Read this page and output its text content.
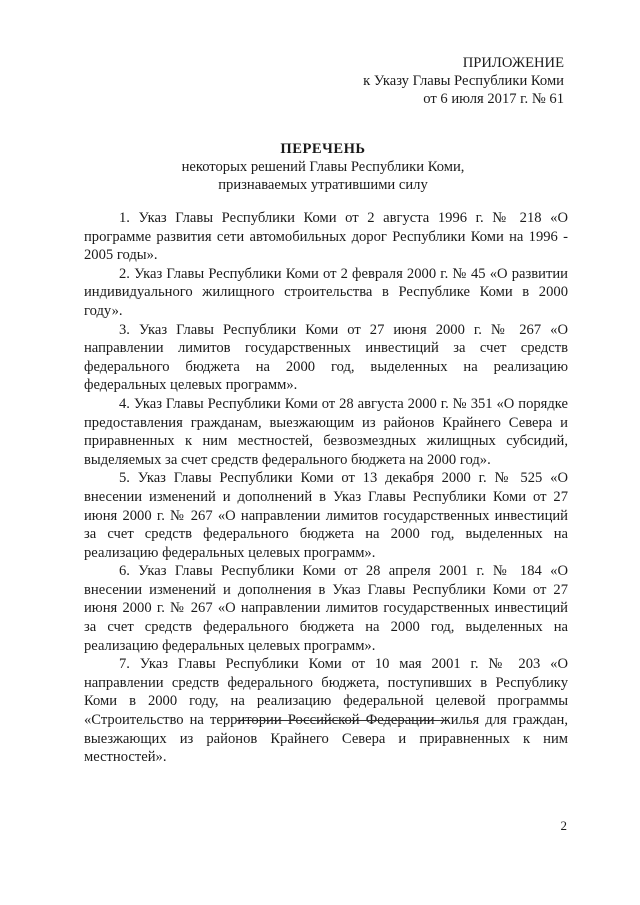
ПРИЛОЖЕНИЕ
к Указу Главы Республики Коми
от 6 июля 2017 г. № 61
ПЕРЕЧЕНЬ
некоторых решений Главы Республики Коми,
признаваемых утратившими силу

1. Указ Главы Республики Коми от 2 августа 1996 г. № 218 «О программе развития сети автомобильных дорог Республики Коми на 1996 - 2005 годы».

2. Указ Главы Республики Коми от 2 февраля 2000 г. № 45 «О развитии индивидуального жилищного строительства в Республике Коми в 2000 году».

3. Указ Главы Республики Коми от 27 июня 2000 г. № 267 «О направлении лимитов государственных инвестиций за счет средств федерального бюджета на 2000 год, выделенных на реализацию федеральных целевых программ».

4. Указ Главы Республики Коми от 28 августа 2000 г. № 351 «О порядке предоставления гражданам, выезжающим из районов Крайнего Севера и приравненных к ним местностей, безвозмездных жилищных субсидий, выделяемых за счет средств федерального бюджета на 2000 год».

5. Указ Главы Республики Коми от 13 декабря 2000 г. № 525 «О внесении изменений и дополнений в Указ Главы Республики Коми от 27 июня 2000 г. № 267 «О направлении лимитов государственных инвестиций за счет средств федерального бюджета на 2000 год, выделенных на реализацию федеральных целевых программ».

6. Указ Главы Республики Коми от 28 апреля 2001 г. № 184 «О внесении изменений и дополнения в Указ Главы Республики Коми от 27 июня 2000 г. № 267 «О направлении лимитов государственных инвестиций за счет средств федерального бюджета на 2000 год, выделенных на реализацию федеральных целевых программ».

7. Указ Главы Республики Коми от 10 мая 2001 г. № 203 «О направлении средств федерального бюджета, поступивших в Республику Коми в 2000 году, на реализацию федеральной целевой программы «Строительство на территории Российской Федерации жилья для граждан, выезжающих из районов Крайнего Севера и приравненных к ним местностей».

2
